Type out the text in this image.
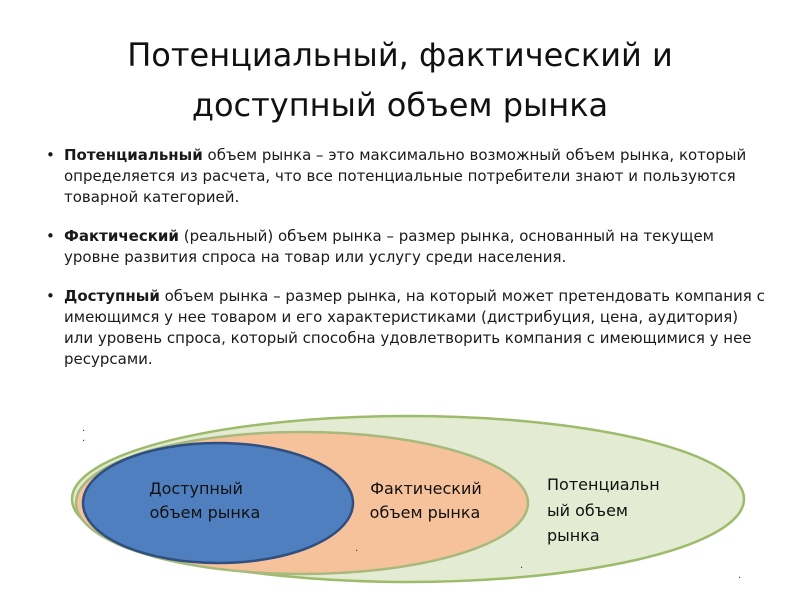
Потенциальный, фактический и
доступный объем рынка
• Потенциальный объем рынка – это максимально возможный объем рынка, который определяется из расчета, что все потенциальные потребители знают и пользуются товарной категорией.
• Фактический (реальный) объем рынка – размер рынка, основанный на текущем уровне развития спроса на товар или услугу среди населения.
• Доступный объем рынка – размер рынка, на который может претендовать компания с имеющимся у нее товаром и его характеристиками (дистрибуция, цена, аудитория) или уровень спроса, который способна удовлетворить компания с имеющимися у нее ресурсами.
Доступный
объем рынка
Фактический
объем рынка
Потенциальн
ый объем
рынка
.
.
.
.
.
